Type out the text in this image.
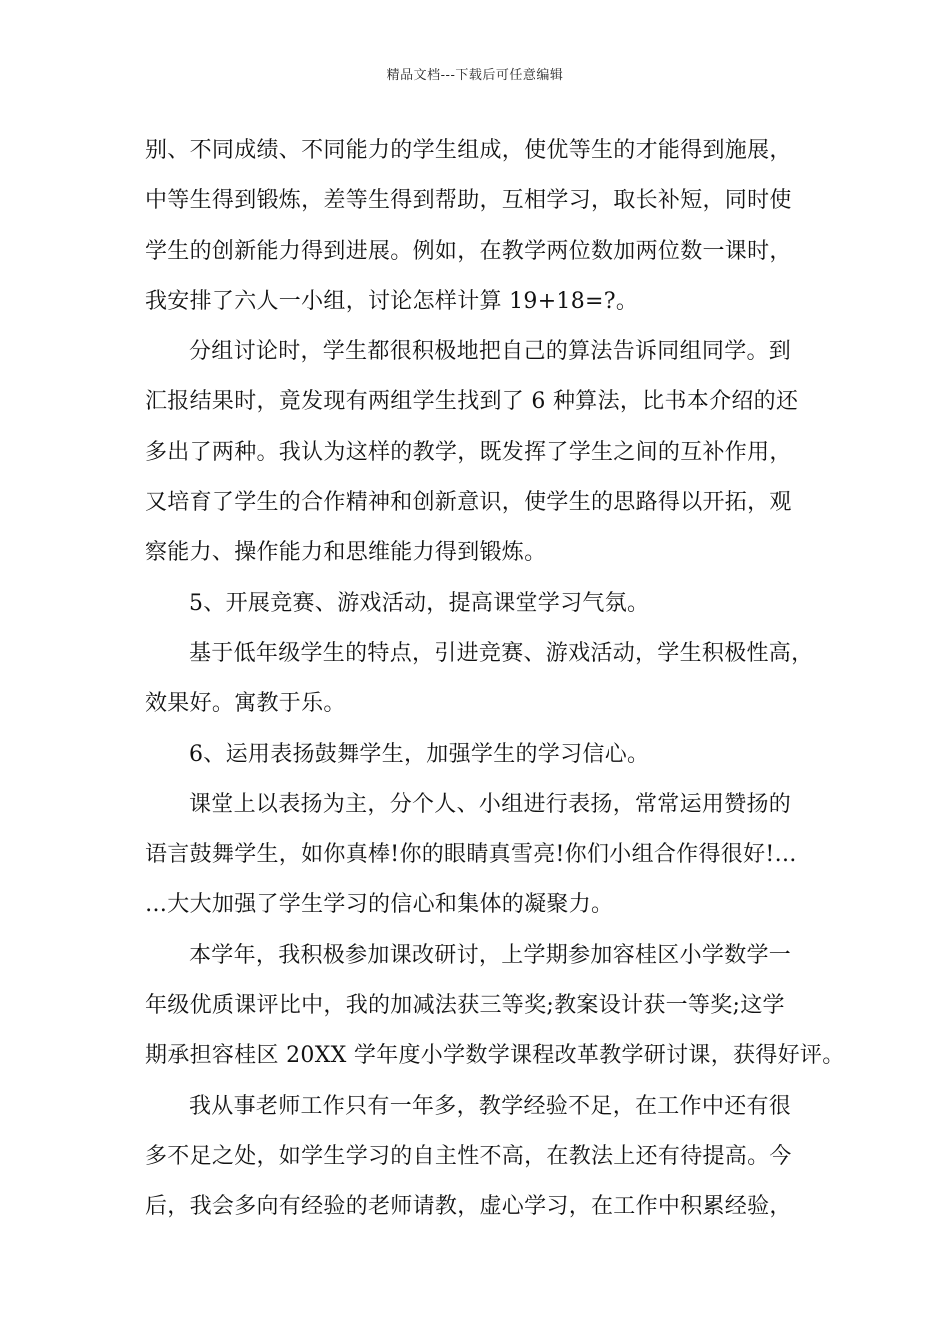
精品文档---下载后可任意编辑
别、不同成绩、不同能力的学生组成，使优等生的才能得到施展，
中等生得到锻炼，差等生得到帮助，互相学习，取长补短，同时使
学生的创新能力得到进展。例如，在教学两位数加两位数一课时，
我安排了六人一小组，讨论怎样计算 19+18=?。
分组讨论时，学生都很积极地把自己的算法告诉同组同学。到
汇报结果时，竟发现有两组学生找到了 6 种算法，比书本介绍的还
多出了两种。我认为这样的教学，既发挥了学生之间的互补作用，
又培育了学生的合作精神和创新意识，使学生的思路得以开拓，观
察能力、操作能力和思维能力得到锻炼。
5、开展竞赛、游戏活动，提高课堂学习气氛。
基于低年级学生的特点，引进竞赛、游戏活动，学生积极性高，
效果好。寓教于乐。
6、运用表扬鼓舞学生，加强学生的学习信心。
课堂上以表扬为主，分个人、小组进行表扬，常常运用赞扬的
语言鼓舞学生，如你真棒!你的眼睛真雪亮!你们小组合作得很好!…
…大大加强了学生学习的信心和集体的凝聚力。
本学年，我积极参加课改研讨，上学期参加容桂区小学数学一
年级优质课评比中，我的加减法获三等奖;教案设计获一等奖;这学
期承担容桂区 20XX 学年度小学数学课程改革教学研讨课，获得好评。
我从事老师工作只有一年多，教学经验不足，在工作中还有很
多不足之处，如学生学习的自主性不高，在教法上还有待提高。今
后，我会多向有经验的老师请教，虚心学习，在工作中积累经验，
